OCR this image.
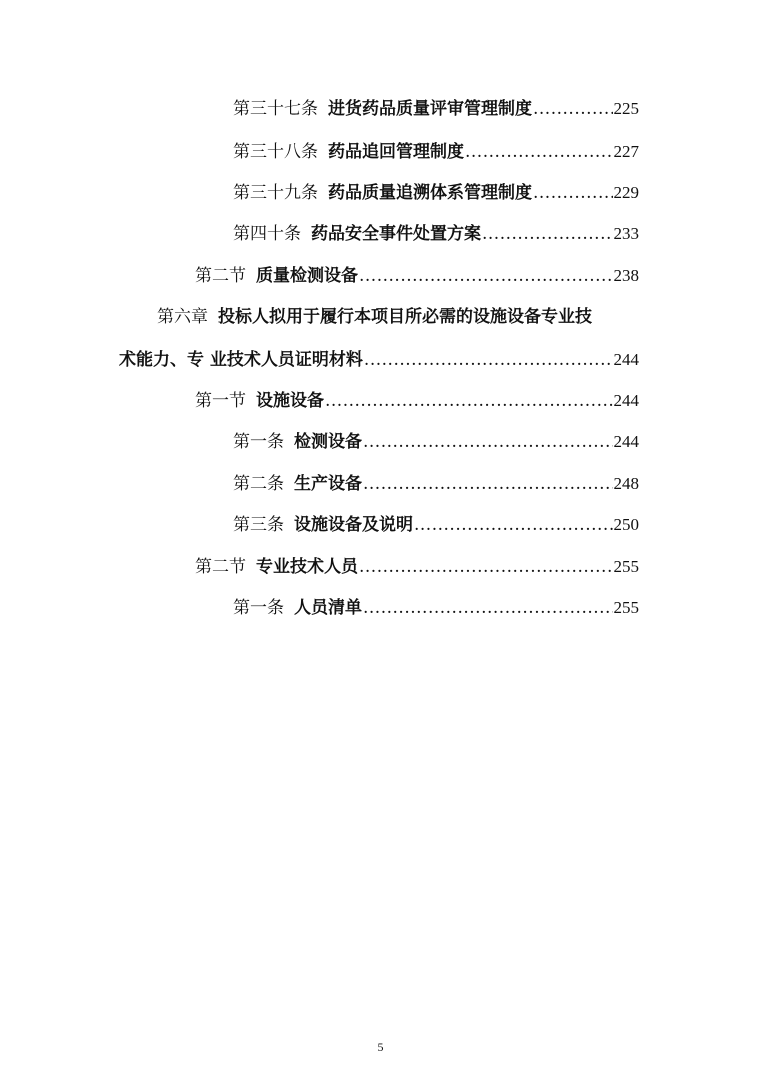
第三十七条 进货药品质量评审管理制度 .....	225
第三十八条 药品追回管理制度 .....	227
第三十九条 药品质量追溯体系管理制度 .....	229
第四十条 药品安全事件处置方案 .....	233
第二节 质量检测设备 .....	238
第六章 投标人拟用于履行本项目所必需的设施设备专业技
术能力、专 业技术人员证明材料 .....	244
第一节 设施设备 .....	244
第一条 检测设备 .....	244
第二条 生产设备 .....	248
第三条 设施设备及说明 .....	250
第二节 专业技术人员 .....	255
第一条 人员清单 .....	255
5
